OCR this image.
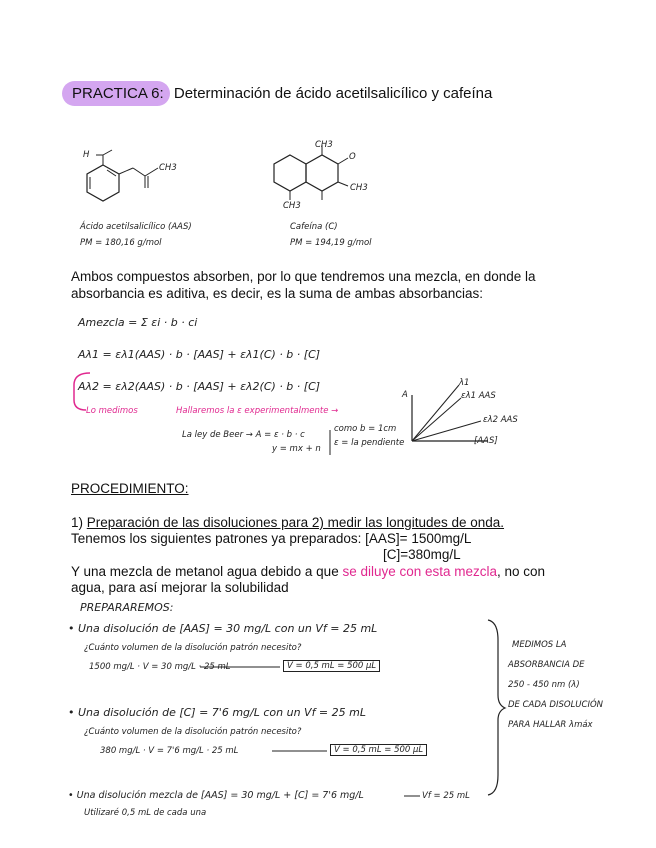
PRACTICA 6: Determinación de ácido acetilsalicílico y cafeína
H
CH3
CH3
CH3
CH3
O
Ácido acetilsalicílico (AAS)
PM = 180,16 g/mol
Cafeína (C)
PM = 194,19 g/mol
Ambos compuestos absorben, por lo que tendremos una mezcla, en donde la
absorbancia es aditiva, es decir, es la suma de ambas absorbancias:
Amezcla = Σ εi · b · ci
Aλ1 = ελ1(AAS) · b · [AAS] + ελ1(C) · b · [C]
Aλ2 = ελ2(AAS) · b · [AAS] + ελ2(C) · b · [C]
Lo medimos	Hallaremos la ε experimentalmente →
La ley de Beer → A = ε · b · c
y = mx + n
como b = 1cm
ε = la pendiente
A
[AAS]
λ1
ελ1 AAS
ελ2 AAS
PROCEDIMIENTO:
1) Preparación de las disoluciones para 2) medir las longitudes de onda.
Tenemos los siguientes patrones ya preparados: [AAS]= 1500mg/L
[C]=380mg/L
Y una mezcla de metanol agua debido a que se diluye con esta mezcla, no con
agua, para así mejorar la solubilidad
PREPARAREMOS:
• Una disolución de [AAS] = 30 mg/L con un Vf = 25 mL
¿Cuánto volumen de la disolución patrón necesito?
1500 mg/L · V = 30 mg/L · 25 mL	V = 0,5 mL = 500 μL
• Una disolución de [C] = 7'6 mg/L con un Vf = 25 mL
¿Cuánto volumen de la disolución patrón necesito?
380 mg/L · V = 7'6 mg/L · 25 mL	V = 0,5 mL = 500 μL
• Una disolución mezcla de [AAS] = 30 mg/L + [C] = 7'6 mg/L	Vf = 25 mL
Utilizaré 0,5 mL de cada una
MEDIMOS LA
ABSORBANCIA DE
250 - 450 nm (λ)
DE CADA DISOLUCIÓN
PARA HALLAR λmáx
